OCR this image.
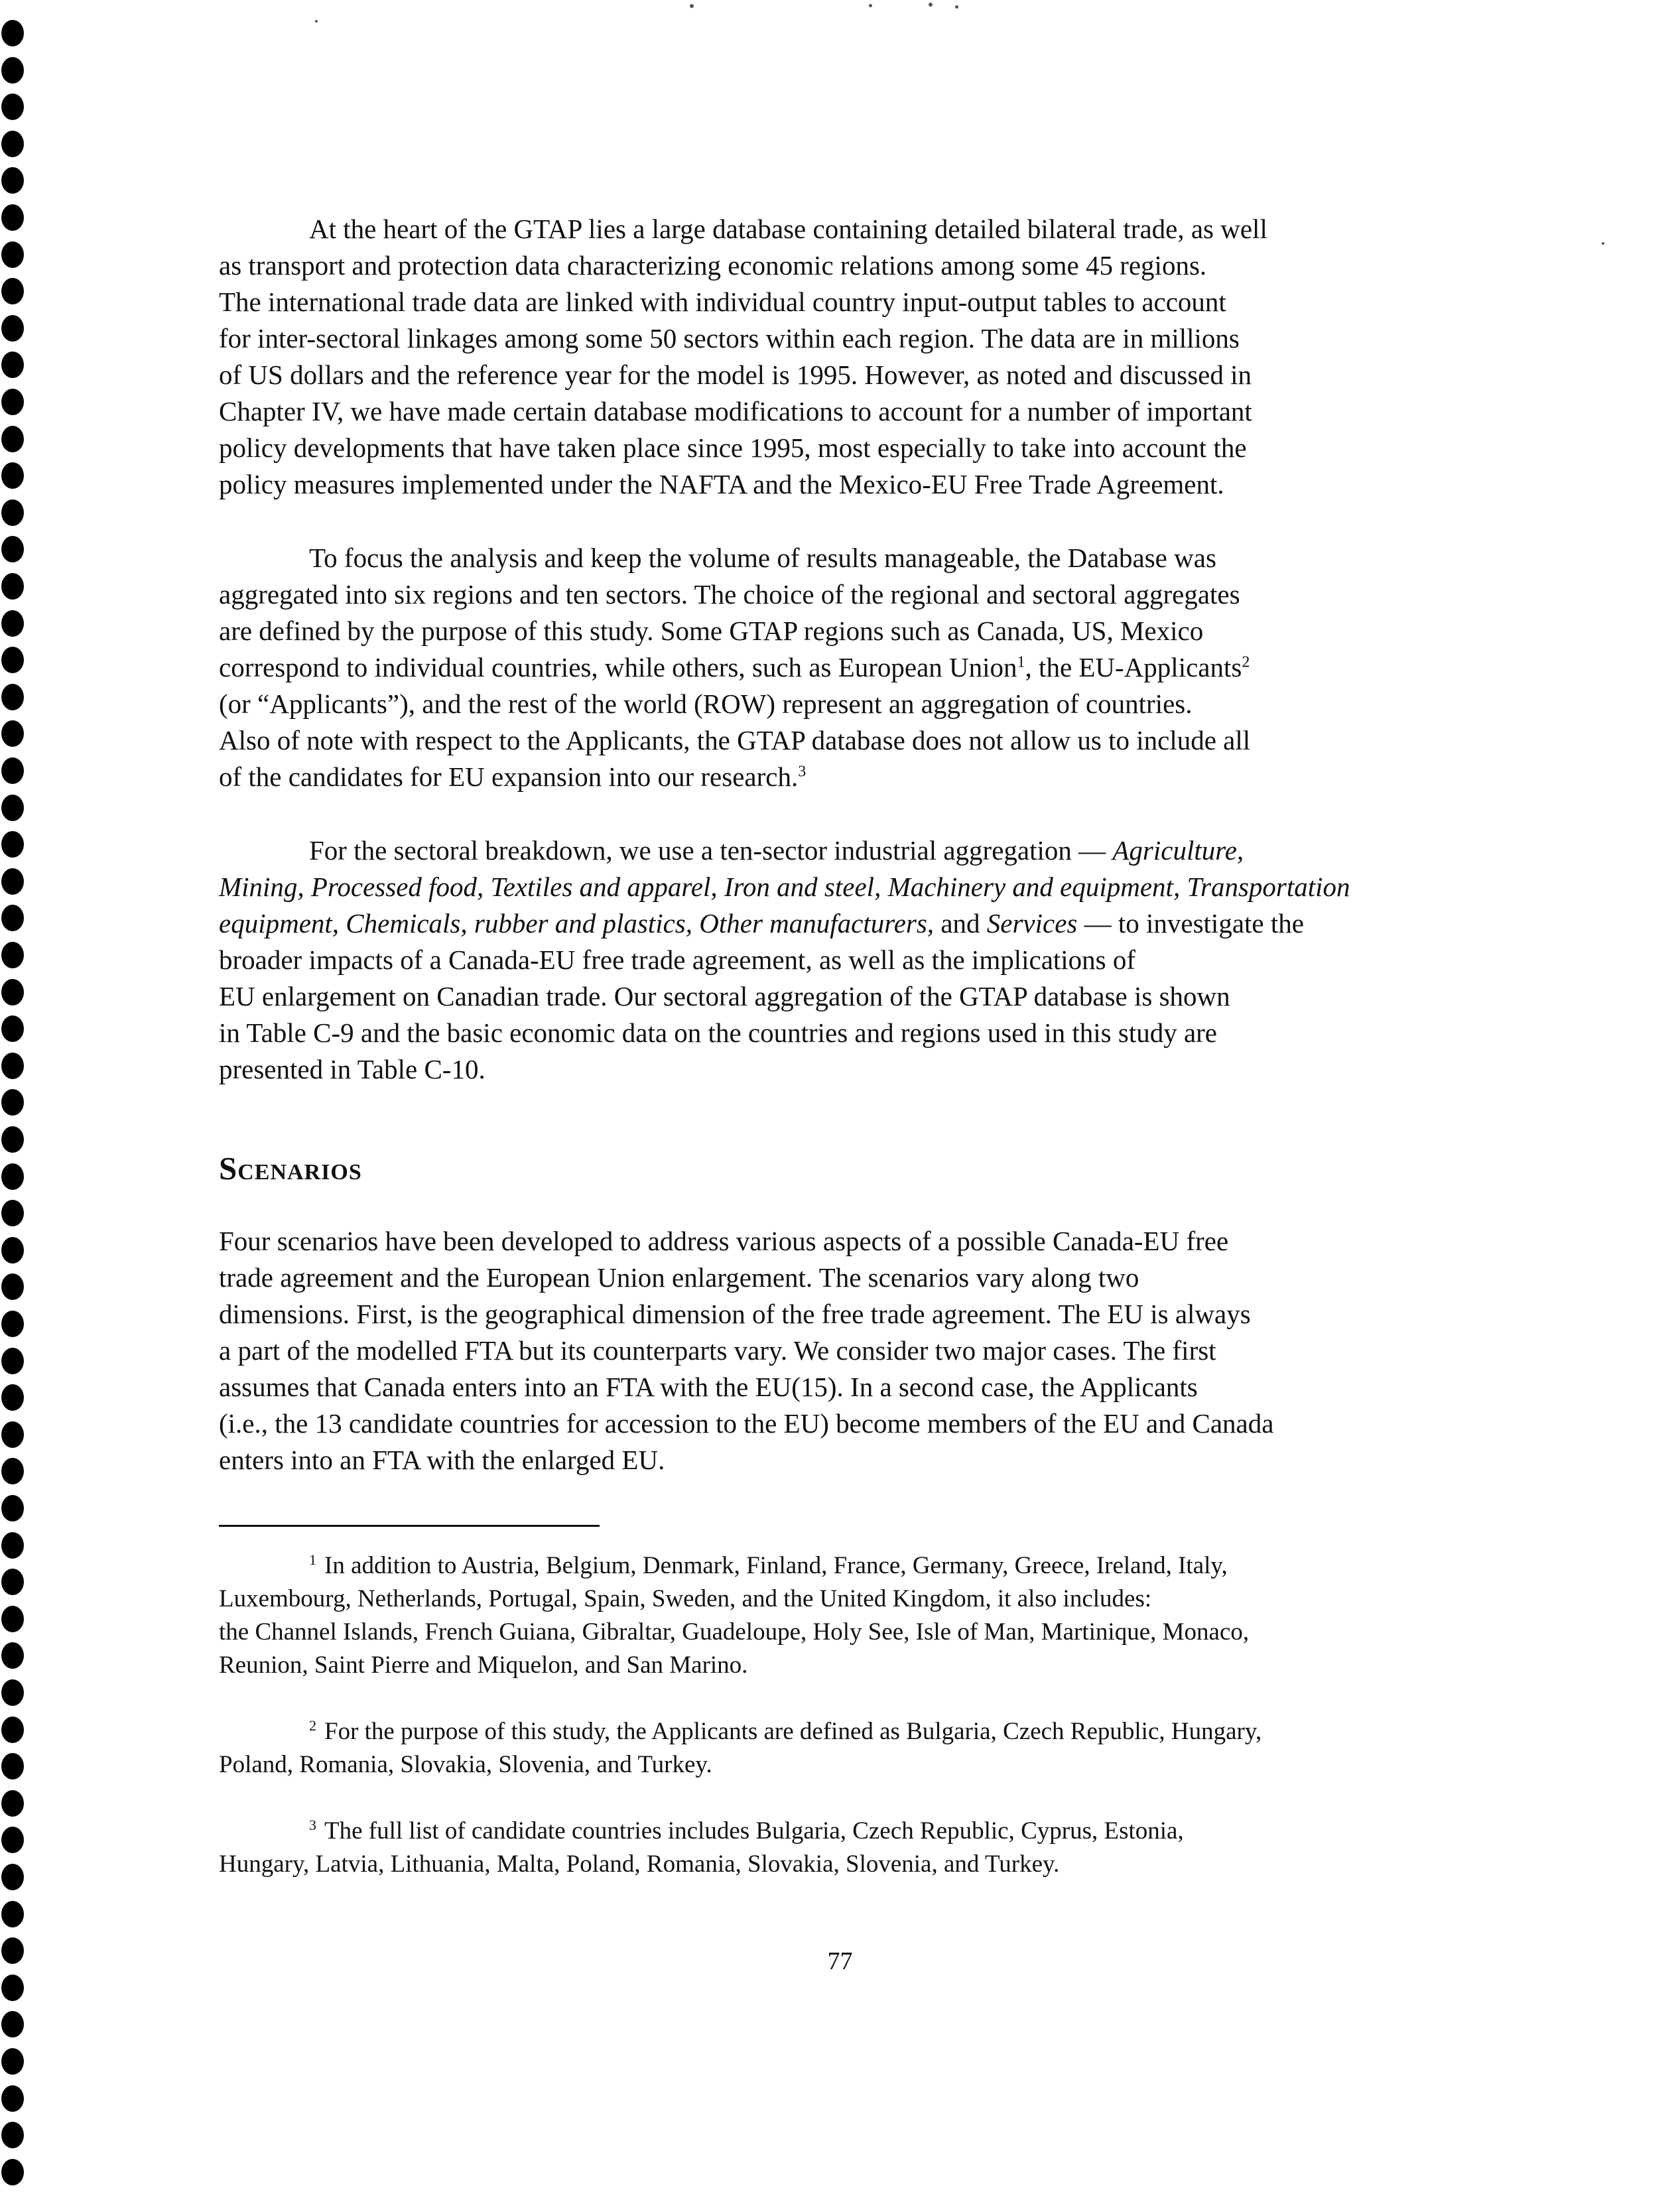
At the heart of the GTAP lies a large database containing detailed bilateral trade, as well
as transport and protection data characterizing economic relations among some 45 regions.
The international trade data are linked with individual country input-output tables to account
for inter-sectoral linkages among some 50 sectors within each region. The data are in millions
of US dollars and the reference year for the model is 1995. However, as noted and discussed in
Chapter IV, we have made certain database modifications to account for a number of important
policy developments that have taken place since 1995, most especially to take into account the
policy measures implemented under the NAFTA and the Mexico-EU Free Trade Agreement.

To focus the analysis and keep the volume of results manageable, the Database was
aggregated into six regions and ten sectors. The choice of the regional and sectoral aggregates
are defined by the purpose of this study. Some GTAP regions such as Canada, US, Mexico
correspond to individual countries, while others, such as European Union$^1$, the EU-Applicants$^2$
(or “Applicants”), and the rest of the world (ROW) represent an aggregation of countries.
Also of note with respect to the Applicants, the GTAP database does not allow us to include all
of the candidates for EU expansion into our research.$^3$

For the sectoral breakdown, we use a ten-sector industrial aggregation — Agriculture,
Mining, Processed food, Textiles and apparel, Iron and steel, Machinery and equipment, Transportation
equipment, Chemicals, rubber and plastics, Other manufacturers, and Services — to investigate the
broader impacts of a Canada-EU free trade agreement, as well as the implications of
EU enlargement on Canadian trade. Our sectoral aggregation of the GTAP database is shown
in Table C-9 and the basic economic data on the countries and regions used in this study are
presented in Table C-10.

Scenarios

Four scenarios have been developed to address various aspects of a possible Canada-EU free
trade agreement and the European Union enlargement. The scenarios vary along two
dimensions. First, is the geographical dimension of the free trade agreement. The EU is always
a part of the modelled FTA but its counterparts vary. We consider two major cases. The first
assumes that Canada enters into an FTA with the EU(15). In a second case, the Applicants
(i.e., the 13 candidate countries for accession to the EU) become members of the EU and Canada
enters into an FTA with the enlarged EU.

$^1$ In addition to Austria, Belgium, Denmark, Finland, France, Germany, Greece, Ireland, Italy,
Luxembourg, Netherlands, Portugal, Spain, Sweden, and the United Kingdom, it also includes:
the Channel Islands, French Guiana, Gibraltar, Guadeloupe, Holy See, Isle of Man, Martinique, Monaco,
Reunion, Saint Pierre and Miquelon, and San Marino.

$^2$ For the purpose of this study, the Applicants are defined as Bulgaria, Czech Republic, Hungary,
Poland, Romania, Slovakia, Slovenia, and Turkey.

$^3$ The full list of candidate countries includes Bulgaria, Czech Republic, Cyprus, Estonia,
Hungary, Latvia, Lithuania, Malta, Poland, Romania, Slovakia, Slovenia, and Turkey.

77
